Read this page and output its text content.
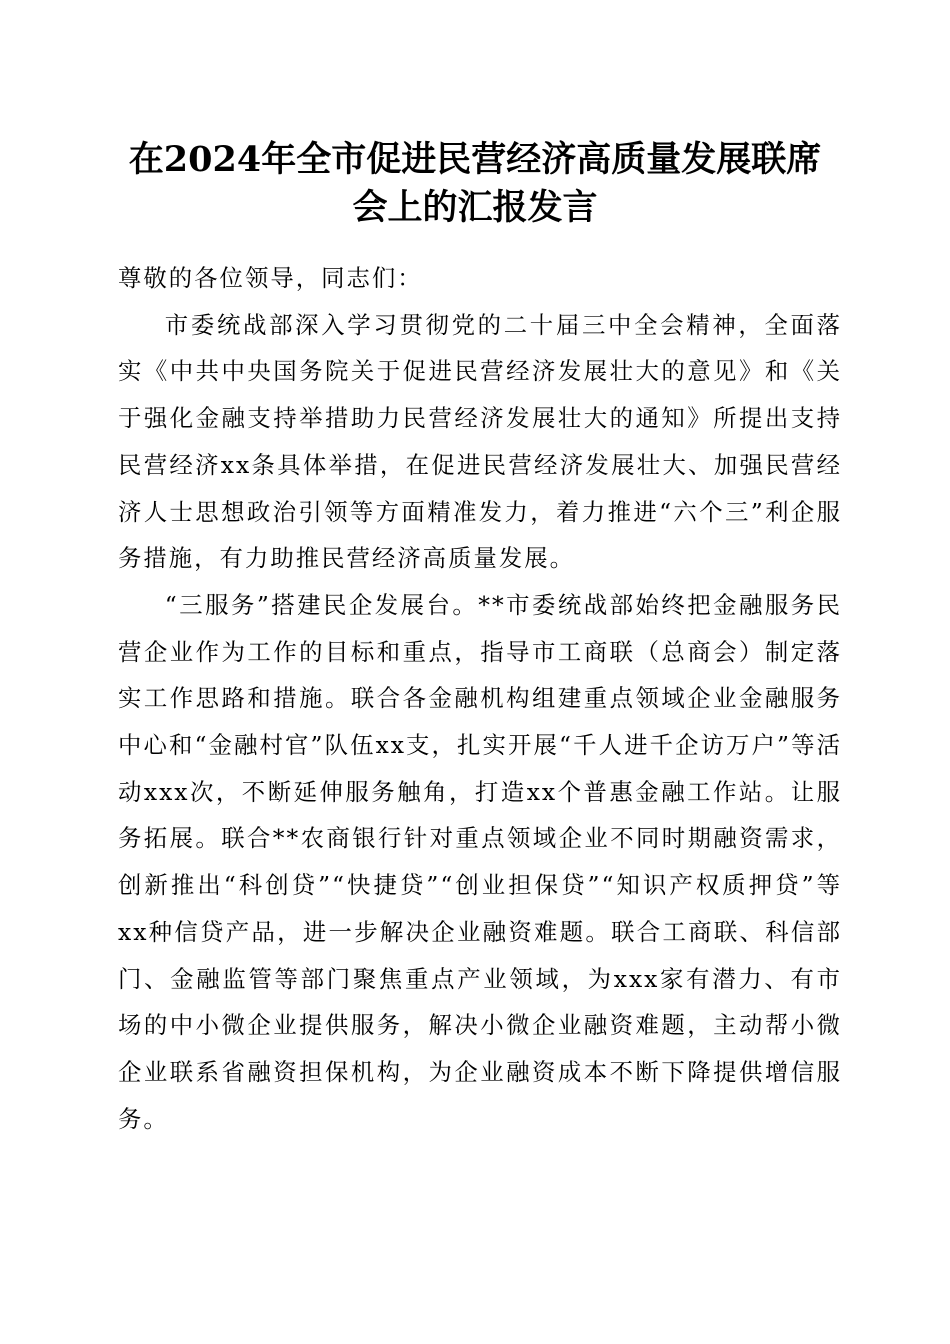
在2024年全市促进民营经济高质量发展联席
会上的汇报发言

尊敬的各位领导，同志们：

市委统战部深入学习贯彻党的二十届三中全会精神，全面落实《中共中央国务院关于促进民营经济发展壮大的意见》和《关于强化金融支持举措助力民营经济发展壮大的通知》所提出支持民营经济xx条具体举措，在促进民营经济发展壮大、加强民营经济人士思想政治引领等方面精准发力，着力推进“六个三”利企服务措施，有力助推民营经济高质量发展。

“三服务”搭建民企发展台。**市委统战部始终把金融服务民营企业作为工作的目标和重点，指导市工商联（总商会）制定落实工作思路和措施。联合各金融机构组建重点领域企业金融服务中心和“金融村官”队伍xx支，扎实开展“千人进千企访万户”等活动xxx次，不断延伸服务触角，打造xx个普惠金融工作站。让服务拓展。联合**农商银行针对重点领域企业不同时期融资需求，创新推出“科创贷”“快捷贷”“创业担保贷”“知识产权质押贷”等xx种信贷产品，进一步解决企业融资难题。联合工商联、科信部门、金融监管等部门聚焦重点产业领域，为xxx家有潜力、有市场的中小微企业提供服务，解决小微企业融资难题，主动帮小微企业联系省融资担保机构，为企业融资成本不断下降提供增信服务。
